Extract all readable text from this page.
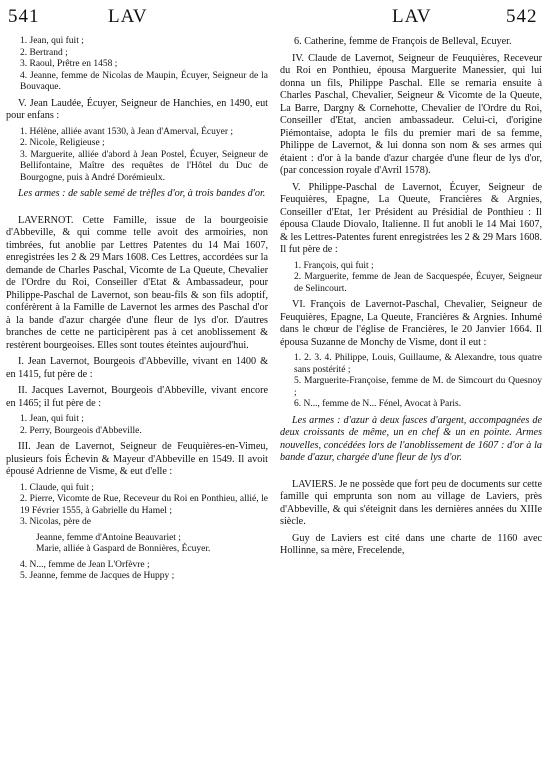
541	LAV	LAV	542
1. Jean, qui fuit ;
2. Bertrand ;
3. Raoul, Prêtre en 1458 ;
4. Jeanne, femme de Nicolas de Maupin, Écuyer, Seigneur de la Bouvaque.

V. Jean Laudée, Écuyer, Seigneur de Hanchies, en 1490, eut pour enfans :

1. Hélène, alliée avant 1530, à Jean d'Amerval, Écuyer ;
2. Nicole, Religieuse ;
3. Marguerite, alliée d'abord à Jean Postel, Écuyer, Seigneur de Bellifontaine, Maître des requêtes de l'Hôtel du Duc de Bourgogne, puis à André Dorémieulx.

Les armes : de sable semé de trèfles d'or, à trois bandes d'or.

LAVERNOT. Cette Famille, issue de la bourgeoisie d'Abbeville, & qui comme telle avoit des armoiries, non timbrées, fut anoblie par Lettres Patentes du 14 Mai 1607, enregistrées les 2 & 29 Mars 1608. Ces Lettres, accordées sur la demande de Charles Paschal, Vicomte de La Queute, Chevalier de l'Ordre du Roi, Conseiller d'Etat & Ambassadeur, pour Philippe-Paschal de Lavernot, son beau-fils & son fils adoptif, conférèrent à la Famille de Lavernot les armes des Paschal d'or à la bande d'azur chargée d'une fleur de lys d'or. D'autres branches de cette ne participèrent pas à cet anoblissement & restèrent bourgeoises. Elles sont toutes éteintes aujourd'hui.

I. Jean Lavernot, Bourgeois d'Abbeville, vivant en 1400 & en 1415, fut père de :

II. Jacques Lavernot, Bourgeois d'Abbeville, vivant encore en 1465; il fut père de :

1. Jean, qui fuit ;
2. Perry, Bourgeois d'Abbeville.

III. Jean de Lavernot, Seigneur de Feuquières-en-Vimeu, plusieurs fois Échevin & Mayeur d'Abbeville en 1549. Il avoit épousé Adrienne de Visme, & eut d'elle :

1. Claude, qui fuit ;
2. Pierre, Vicomte de Rue, Receveur du Roi en Ponthieu, allié, le 19 Février 1555, à Gabrielle du Hamel ;
3. Nicolas, père de
Jeanne, femme d'Antoine Beauvariet ;
Marie, alliée à Gaspard de Bonnières, Écuyer.
4. N..., femme de Jean L'Orfèvre ;
5. Jeanne, femme de Jacques de Huppy ;

6. Catherine, femme de François de Belleval, Écuyer.

IV. Claude de Lavernot, Seigneur de Feuquières, Receveur du Roi en Ponthieu, épousa Marguerite Manessier, qui lui donna un fils, Philippe Paschal. Elle se remaria ensuite à Charles Paschal, Chevalier, Seigneur & Vicomte de la Queute, La Barre, Dargny & Cornehotte, Chevalier de l'Ordre du Roi, Conseiller d'Etat, ancien ambassadeur. Celui-ci, d'origine Piémontaise, adopta le fils du premier mari de sa femme, Philippe de Lavernot, & lui donna son nom & ses armes qui étaient : d'or à la bande d'azur chargée d'une fleur de lys d'or, (par concession royale d'Avril 1578).

V. Philippe-Paschal de Lavernot, Écuyer, Seigneur de Feuquières, Epagne, La Queute, Francières & Argnies, Conseiller d'Etat, 1er Président au Présidial de Ponthieu : Il épousa Claude Diovalo, Italienne. Il fut anobli le 14 Mai 1607, & les Lettres-Patentes furent enregistrées les 2 & 29 Mars 1608. Il fut père de :

1. François, qui fuit ;
2. Marguerite, femme de Jean de Sacquespée, Écuyer, Seigneur de Selincourt.

VI. François de Lavernot-Paschal, Chevalier, Seigneur de Feuquières, Epagne, La Queute, Francières & Argnies. Inhumé dans le chœur de l'église de Francières, le 20 Janvier 1664. Il épousa Suzanne de Monchy de Visme, dont il eut :

1. 2. 3. 4. Philippe, Louis, Guillaume, & Alexandre, tous quatre sans postérité ;
5. Marguerite-Françoise, femme de M. de Simcourt du Quesnoy ;
6. N..., femme de N... Fénel, Avocat à Paris.

Les armes : d'azur à deux fasces d'argent, accompagnées de deux croissants de même, un en chef & un en pointe. Armes nouvelles, concédées lors de l'anoblissement de 1607 : d'or à la bande d'azur, chargée d'une fleur de lys d'or.

LAVIERS. Je ne possède que fort peu de documents sur cette famille qui emprunta son nom au village de Laviers, près d'Abbeville, & qui s'éteignit dans les dernières années du XIIIe siècle.

Guy de Laviers est cité dans une charte de 1160 avec Hollinne, sa mère, Frecelende,
